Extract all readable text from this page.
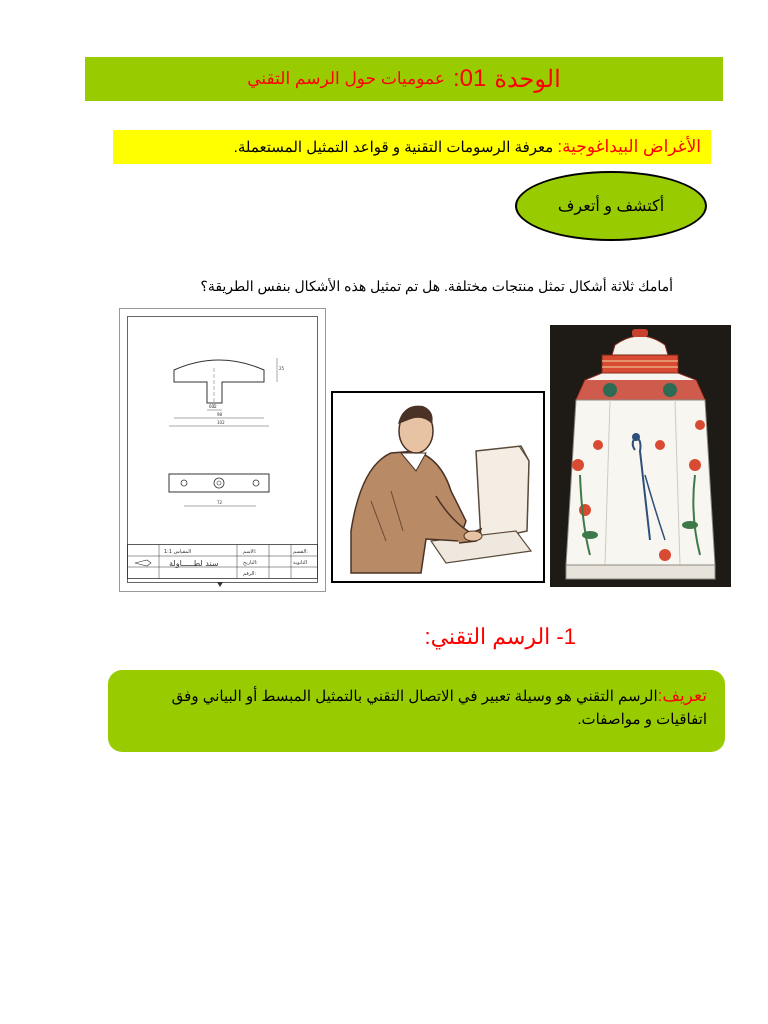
الوحدة
01:
عموميات حول الرسم التقني
الأغراض البيداغوجية:
معرفة الرسومات التقنية و قواعد التمثيل المستعملة.
أكتشف و أتعرف
أمامك ثلاثة أشكال تمثل منتجات مختلفة. هل تم تمثيل هذه الأشكال بنفس الطريقة؟
602
98
102
25
72
المقياس 1:1
سند لطـــــاولة
الاسم:
التاريخ:
الرقم:
القسم:
الثانوية
1- الرسم التقني:
تعريف:الرسم التقني هو وسيلة تعبير في الاتصال التقني بالتمثيل المبسط أو البياني وفق اتفاقيات و مواصفات.
